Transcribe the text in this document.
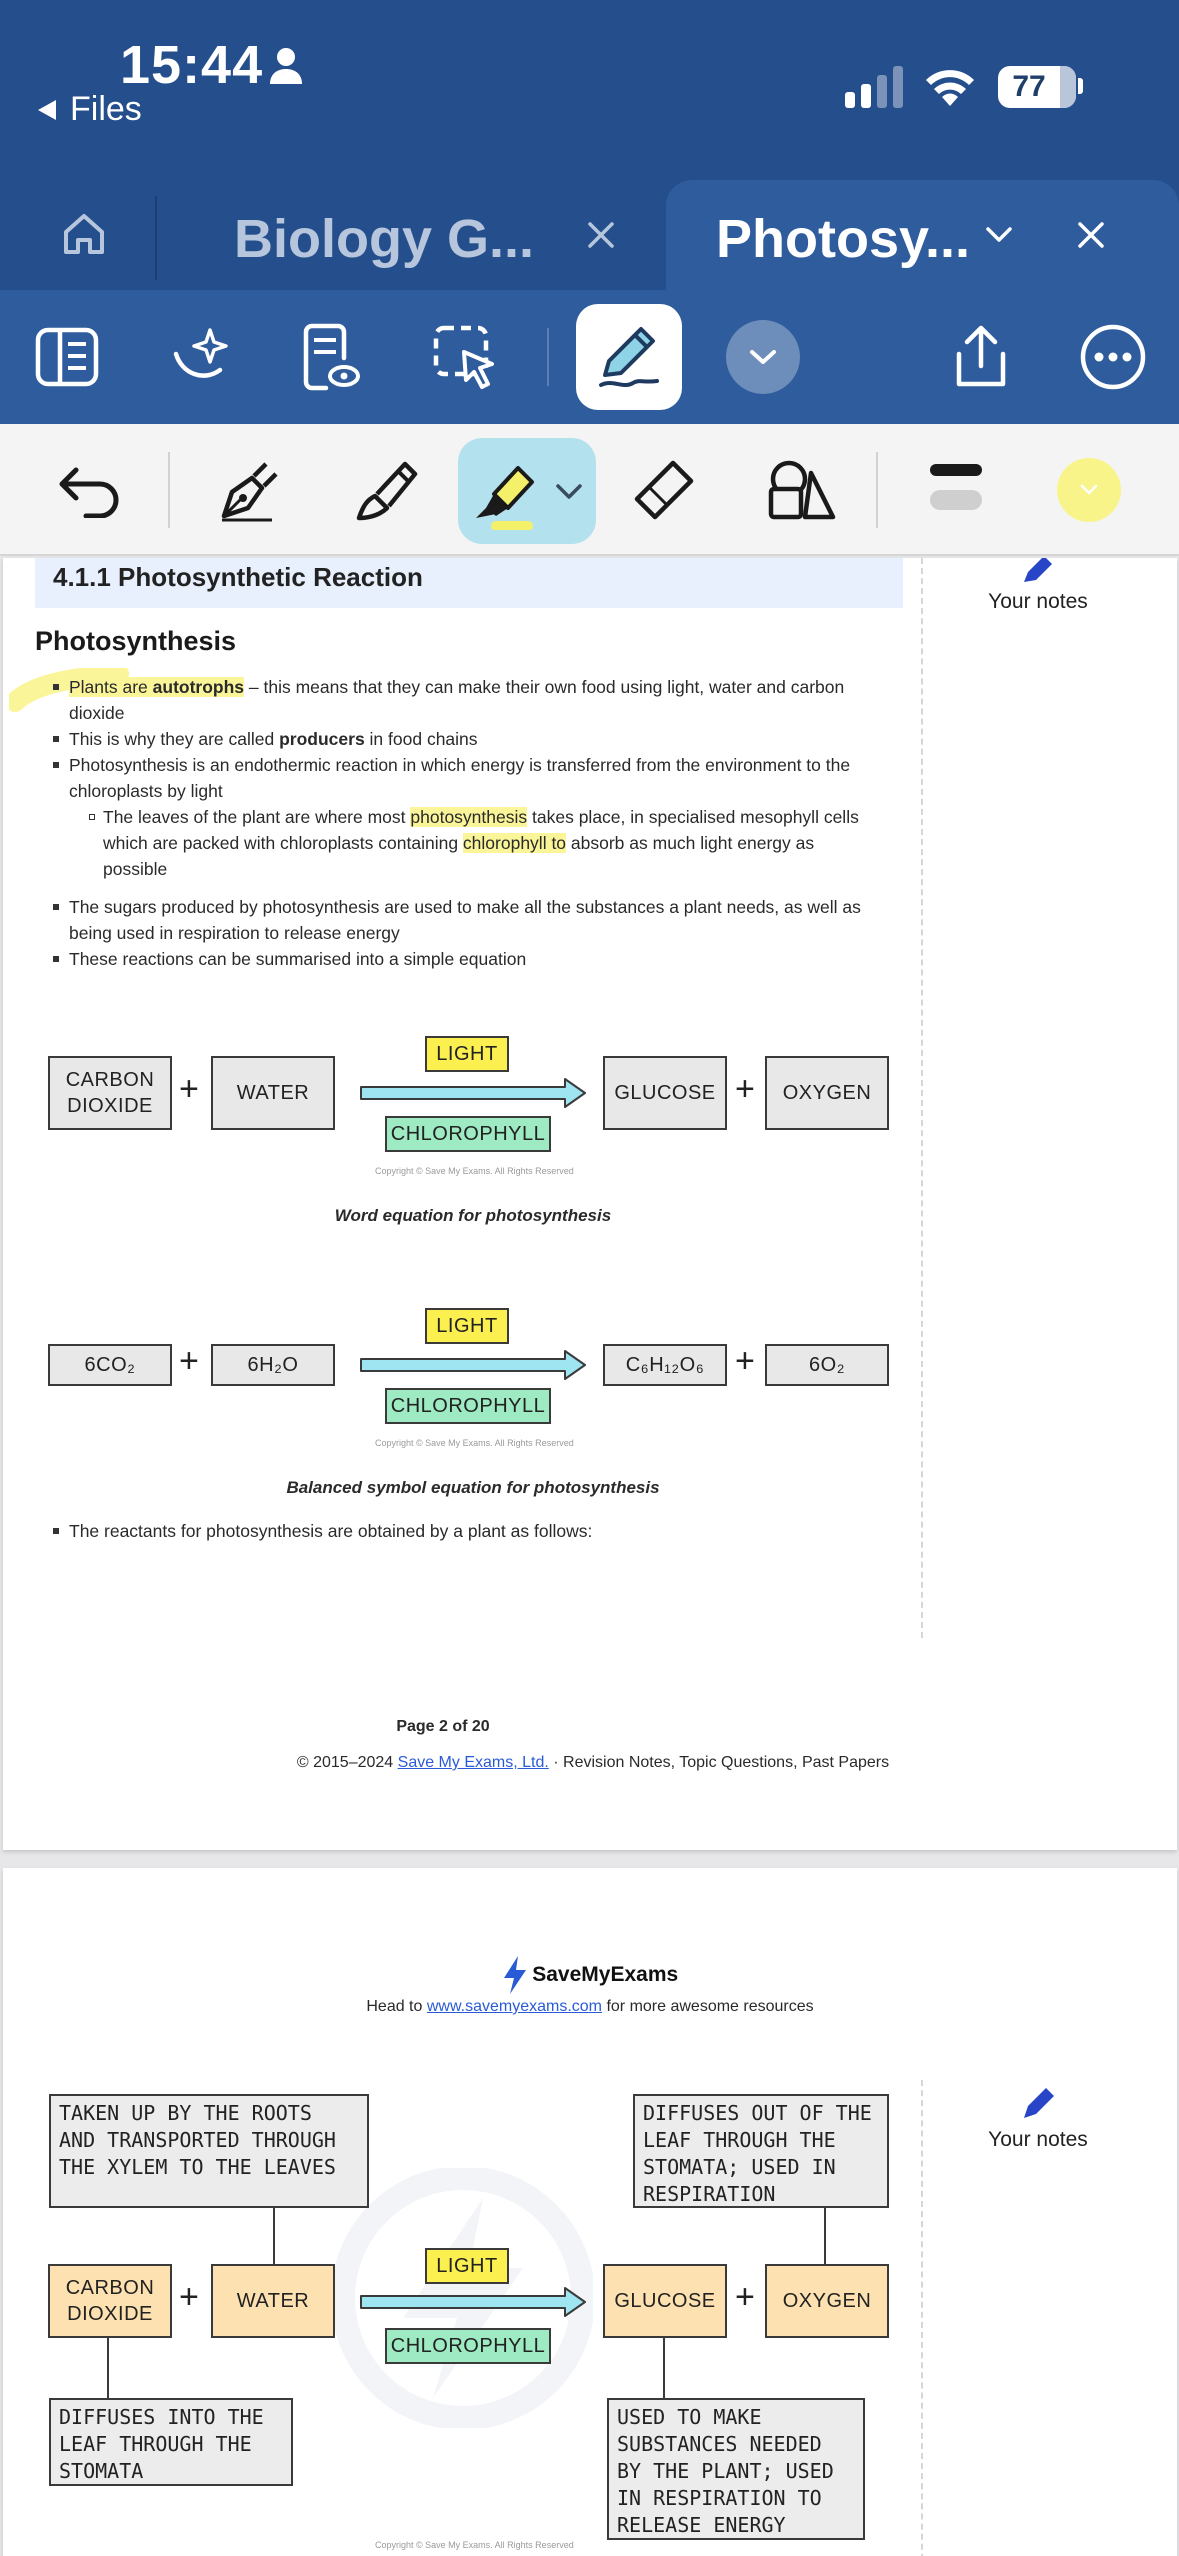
15:44
Files
77
Biology G...	Photosy...
Your notes
4.1.1 Photosynthetic Reaction
Photosynthesis
Plants are autotrophs – this means that they can make their own food using light, water and carbon
dioxide
This is why they are called producers in food chains
Photosynthesis is an endothermic reaction in which energy is transferred from the environment to the
chloroplasts by light
The leaves of the plant are where most photosynthesis takes place, in specialised mesophyll cells
which are packed with chloroplasts containing chlorophyll to absorb as much light energy as
possible
The sugars produced by photosynthesis are used to make all the substances a plant needs, as well as
being used in respiration to release energy
These reactions can be summarised into a simple equation
CARBON DIOXIDE +	WATER
LIGHT
CHLOROPHYLL
Copyright © Save My Exams. All Rights Reserved
GLUCOSE +	OXYGEN
Word equation for photosynthesis
6CO₂	+	6H₂O
LIGHT
CHLOROPHYLL
Copyright © Save My Exams. All Rights Reserved
C₆H₁₂O₆ +	6O₂
Balanced symbol equation for photosynthesis
The reactants for photosynthesis are obtained by a plant as follows:
Page 2 of 20
© 2015–2024 Save My Exams, Ltd. · Revision Notes, Topic Questions, Past Papers
SaveMyExams
Head to www.savemyexams.com for more awesome resources
Your notes
TAKEN UP BY THE ROOTS AND TRANSPORTED THROUGH THE XYLEM TO THE LEAVES
DIFFUSES OUT OF THE LEAF THROUGH THE STOMATA; USED IN RESPIRATION
CARBON DIOXIDE +	WATER
LIGHT
CHLOROPHYLL
GLUCOSE +	OXYGEN
DIFFUSES INTO THE LEAF THROUGH THE STOMATA
USED TO MAKE SUBSTANCES NEEDED BY THE PLANT; USED IN RESPIRATION TO RELEASE ENERGY
Copyright © Save My Exams. All Rights Reserved
